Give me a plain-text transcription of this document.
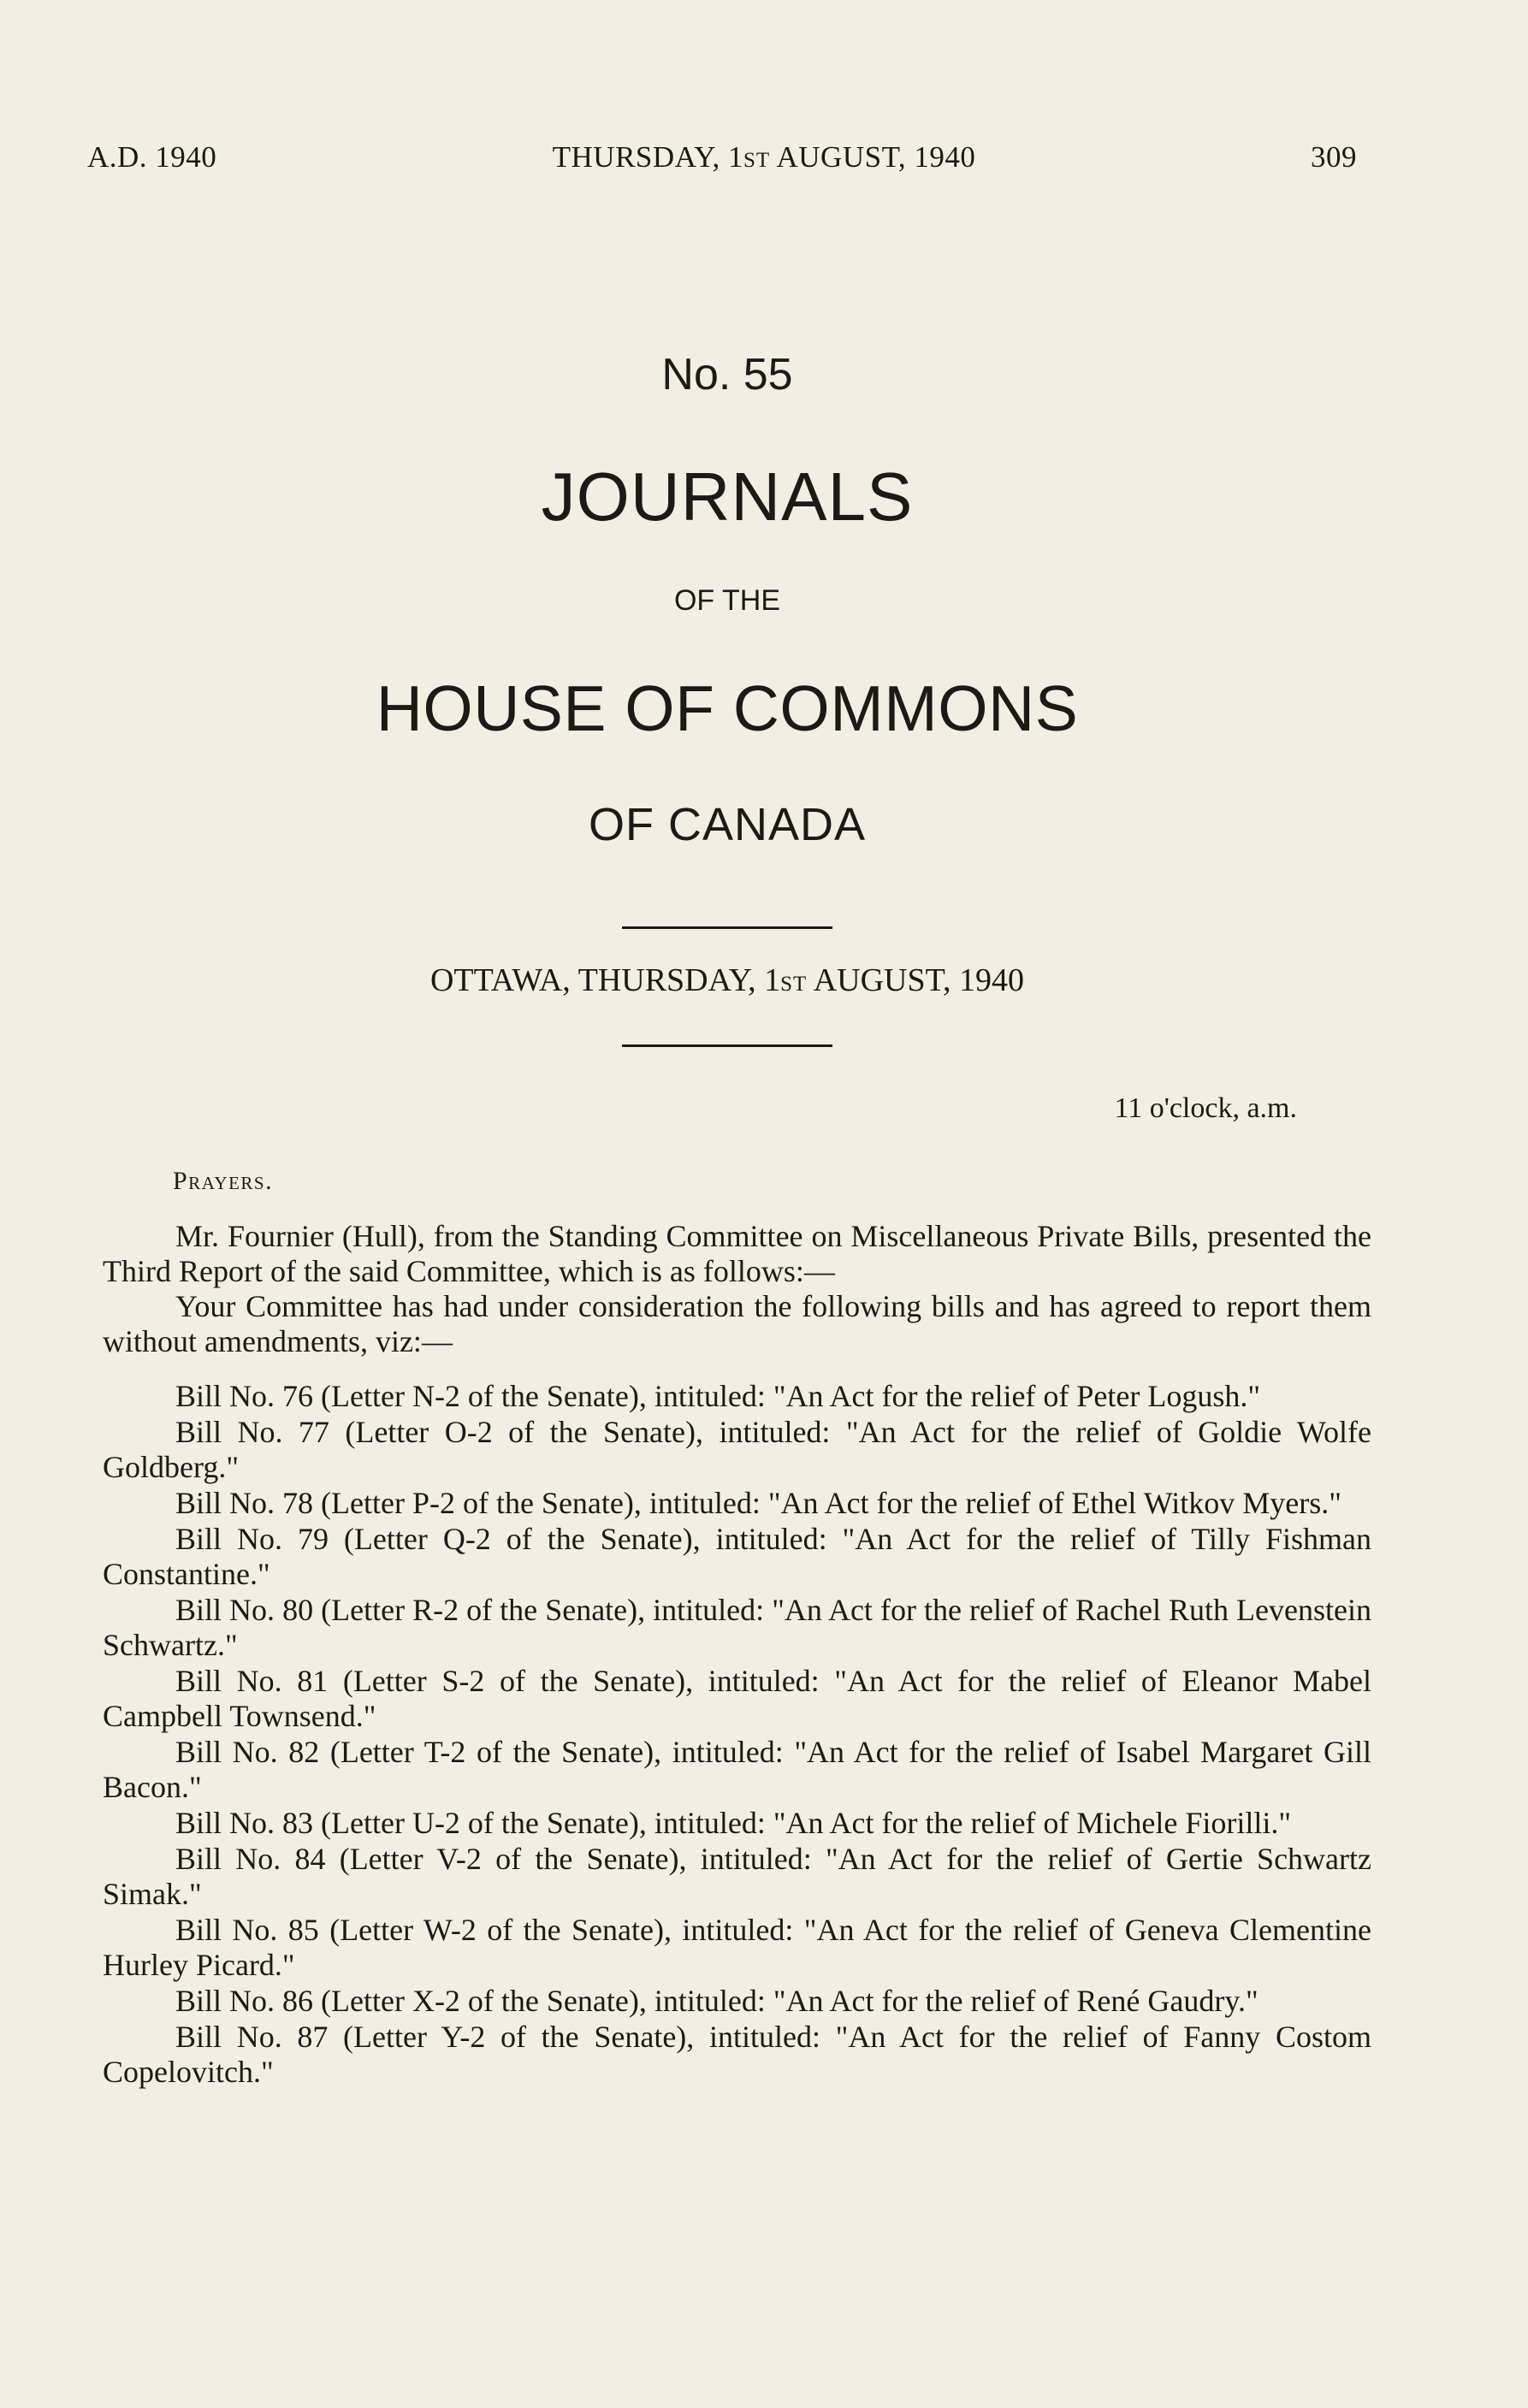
A.D. 1940	THURSDAY, 1ST AUGUST, 1940	309
No. 55
JOURNALS
OF THE
HOUSE OF COMMONS
OF CANADA
OTTAWA, THURSDAY, 1ST AUGUST, 1940
11 o'clock, a.m.
Prayers.

Mr. Fournier (Hull), from the Standing Committee on Miscellaneous Private Bills, presented the Third Report of the said Committee, which is as follows:—

Your Committee has had under consideration the following bills and has agreed to report them without amendments, viz:—

Bill No. 76 (Letter N-2 of the Senate), intituled: "An Act for the relief of Peter Logush."

Bill No. 77 (Letter O-2 of the Senate), intituled: "An Act for the relief of Goldie Wolfe Goldberg."

Bill No. 78 (Letter P-2 of the Senate), intituled: "An Act for the relief of Ethel Witkov Myers."

Bill No. 79 (Letter Q-2 of the Senate), intituled: "An Act for the relief of Tilly Fishman Constantine."

Bill No. 80 (Letter R-2 of the Senate), intituled: "An Act for the relief of Rachel Ruth Levenstein Schwartz."

Bill No. 81 (Letter S-2 of the Senate), intituled: "An Act for the relief of Eleanor Mabel Campbell Townsend."

Bill No. 82 (Letter T-2 of the Senate), intituled: "An Act for the relief of Isabel Margaret Gill Bacon."

Bill No. 83 (Letter U-2 of the Senate), intituled: "An Act for the relief of Michele Fiorilli."

Bill No. 84 (Letter V-2 of the Senate), intituled: "An Act for the relief of Gertie Schwartz Simak."

Bill No. 85 (Letter W-2 of the Senate), intituled: "An Act for the relief of Geneva Clementine Hurley Picard."

Bill No. 86 (Letter X-2 of the Senate), intituled: "An Act for the relief of René Gaudry."

Bill No. 87 (Letter Y-2 of the Senate), intituled: "An Act for the relief of Fanny Costom Copelovitch."
